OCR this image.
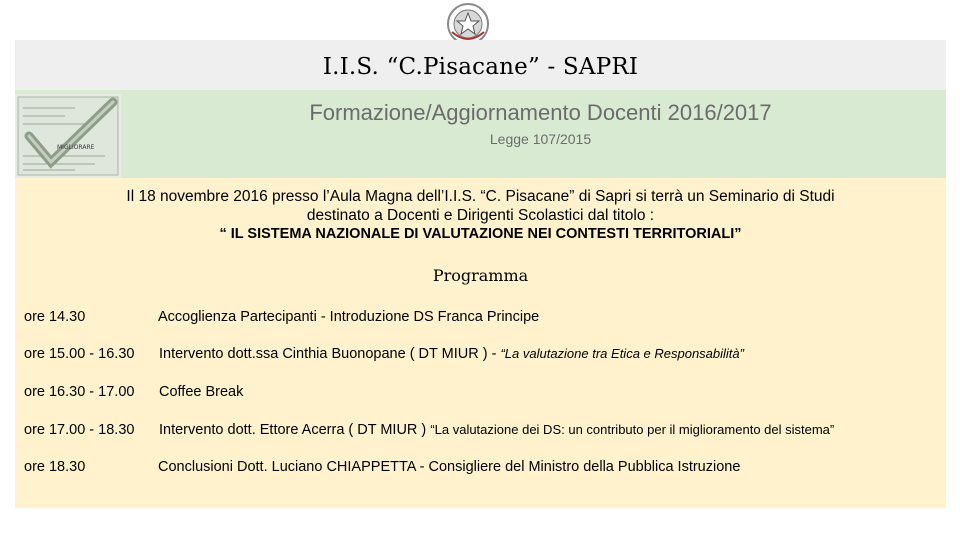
I.I.S. “C.Pisacane” - SAPRI
MIGLIORARE
Formazione/Aggiornamento Docenti 2016/2017
Legge 107/2015
Il 18 novembre 2016 presso l’Aula Magna dell’I.I.S. “C. Pisacane” di Sapri si terrà un Seminario di Studi
destinato a Docenti e Dirigenti Scolastici dal titolo :
“ IL SISTEMA NAZIONALE DI VALUTAZIONE NEI CONTESTI TERRITORIALI”
Programma
ore 14.30	Accoglienza Partecipanti - Introduzione DS Franca Principe
ore 15.00 - 16.30 Intervento dott.ssa Cinthia Buonopane ( DT MIUR ) - “La valutazione tra Etica e Responsabilità”
ore 16.30 - 17.00 Coffee Break
ore 17.00 - 18.30 Intervento dott. Ettore Acerra ( DT MIUR ) “La valutazione dei DS: un contributo per il miglioramento del sistema”
ore 18.30	Conclusioni Dott. Luciano CHIAPPETTA - Consigliere del Ministro della Pubblica Istruzione
